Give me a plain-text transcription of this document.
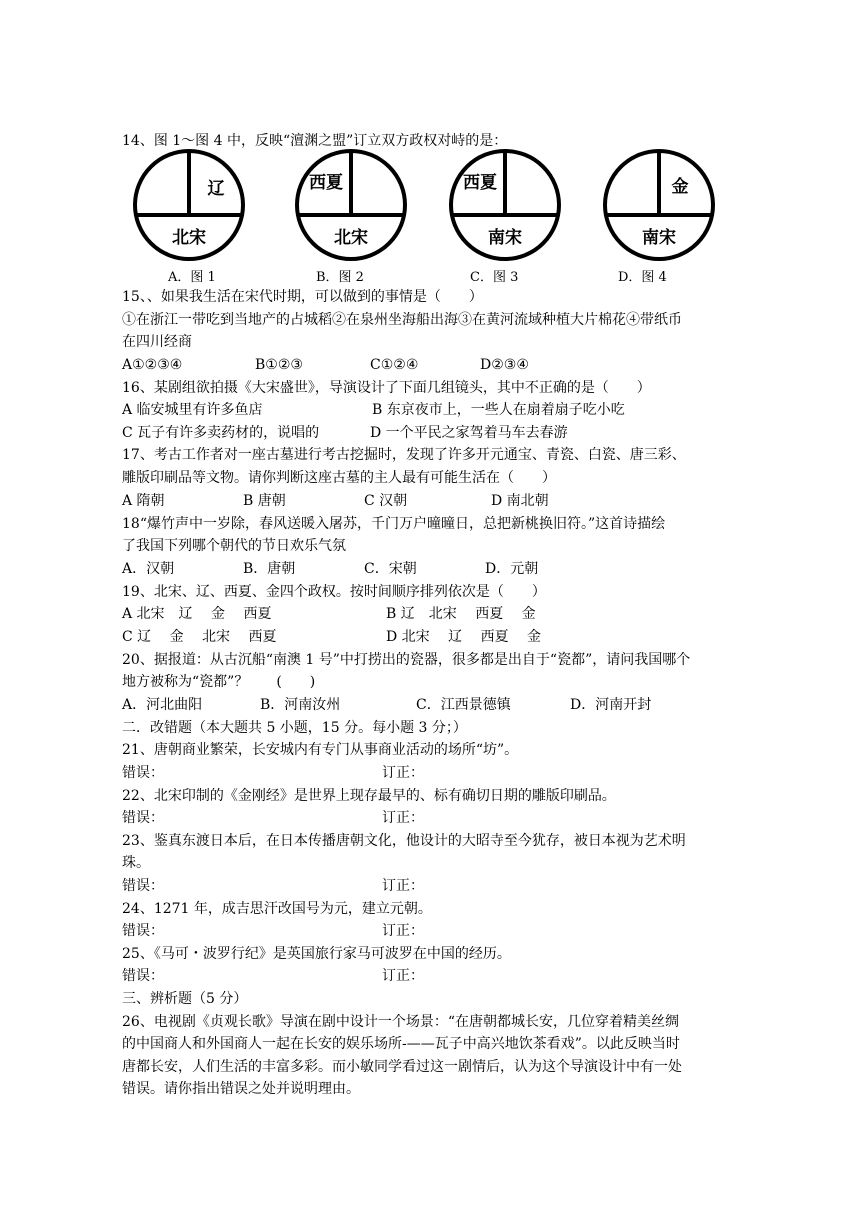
14、图 1～图 4 中，反映“澶渊之盟”订立双方政权对峙的是：
辽
北宋
A．图 1
西夏
北宋
B．图 2
西夏
南宋
C．图 3
金
南宋
D．图 4
15、、如果我生活在宋代时期，可以做到的事情是（　　）
①在浙江一带吃到当地产的占城稻②在泉州坐海船出海③在黄河流域种植大片棉花④带纸币
在四川经商
A①②③④	B①②③	C①②④	D②③④
16、某剧组欲拍摄《大宋盛世》，导演设计了下面几组镜头，其中不正确的是（　　）
A 临安城里有许多鱼店	B 东京夜市上，一些人在扇着扇子吃小吃
C 瓦子有许多卖药材的，说唱的	D 一个平民之家驾着马车去春游
17、考古工作者对一座古墓进行考古挖掘时，发现了许多开元通宝、青瓷、白瓷、唐三彩、
雕版印刷品等文物。请你判断这座古墓的主人最有可能生活在（　　）
A 隋朝	B 唐朝	C 汉朝	D 南北朝
18“爆竹声中一岁除，春风送暖入屠苏，千门万户曈曈日，总把新桃换旧符。”这首诗描绘
了我国下列哪个朝代的节日欢乐气氛
A．汉朝	B．唐朝	C．宋朝	D．元朝
19、北宋、辽、西夏、金四个政权。按时间顺序排列依次是（　　）
A 北宋　辽　 金　 西夏	B 辽　北宋　 西夏　 金
C 辽　 金　 北宋　 西夏	D 北宋　 辽　 西夏　 金
20、据报道：从古沉船“南澳 1 号”中打捞出的瓷器，很多都是出自于“瓷都”，请问我国哪个
地方被称为“瓷都”？　　(　　)
A．河北曲阳	B．河南汝州	C．江西景德镇	D．河南开封
二．改错题（本大题共 5 小题，15 分。每小题 3 分；）
21、唐朝商业繁荣，长安城内有专门从事商业活动的场所“坊”。
错误：	订正：
22、北宋印制的《金刚经》是世界上现存最早的、标有确切日期的雕版印刷品。
错误：	订正：
23、鉴真东渡日本后，在日本传播唐朝文化，他设计的大昭寺至今犹存，被日本视为艺术明
珠。
错误：	订正：
24、1271 年，成吉思汗改国号为元，建立元朝。
错误：	订正：
25、《马可・波罗行纪》是英国旅行家马可波罗在中国的经历。
错误：	订正：
三、辨析题（5 分）
26、电视剧《贞观长歌》导演在剧中设计一个场景：“在唐朝都城长安，几位穿着精美丝绸
的中国商人和外国商人一起在长安的娱乐场所-——瓦子中高兴地饮茶看戏”。以此反映当时
唐都长安，人们生活的丰富多彩。而小敏同学看过这一剧情后，认为这个导演设计中有一处
错误。请你指出错误之处并说明理由。
